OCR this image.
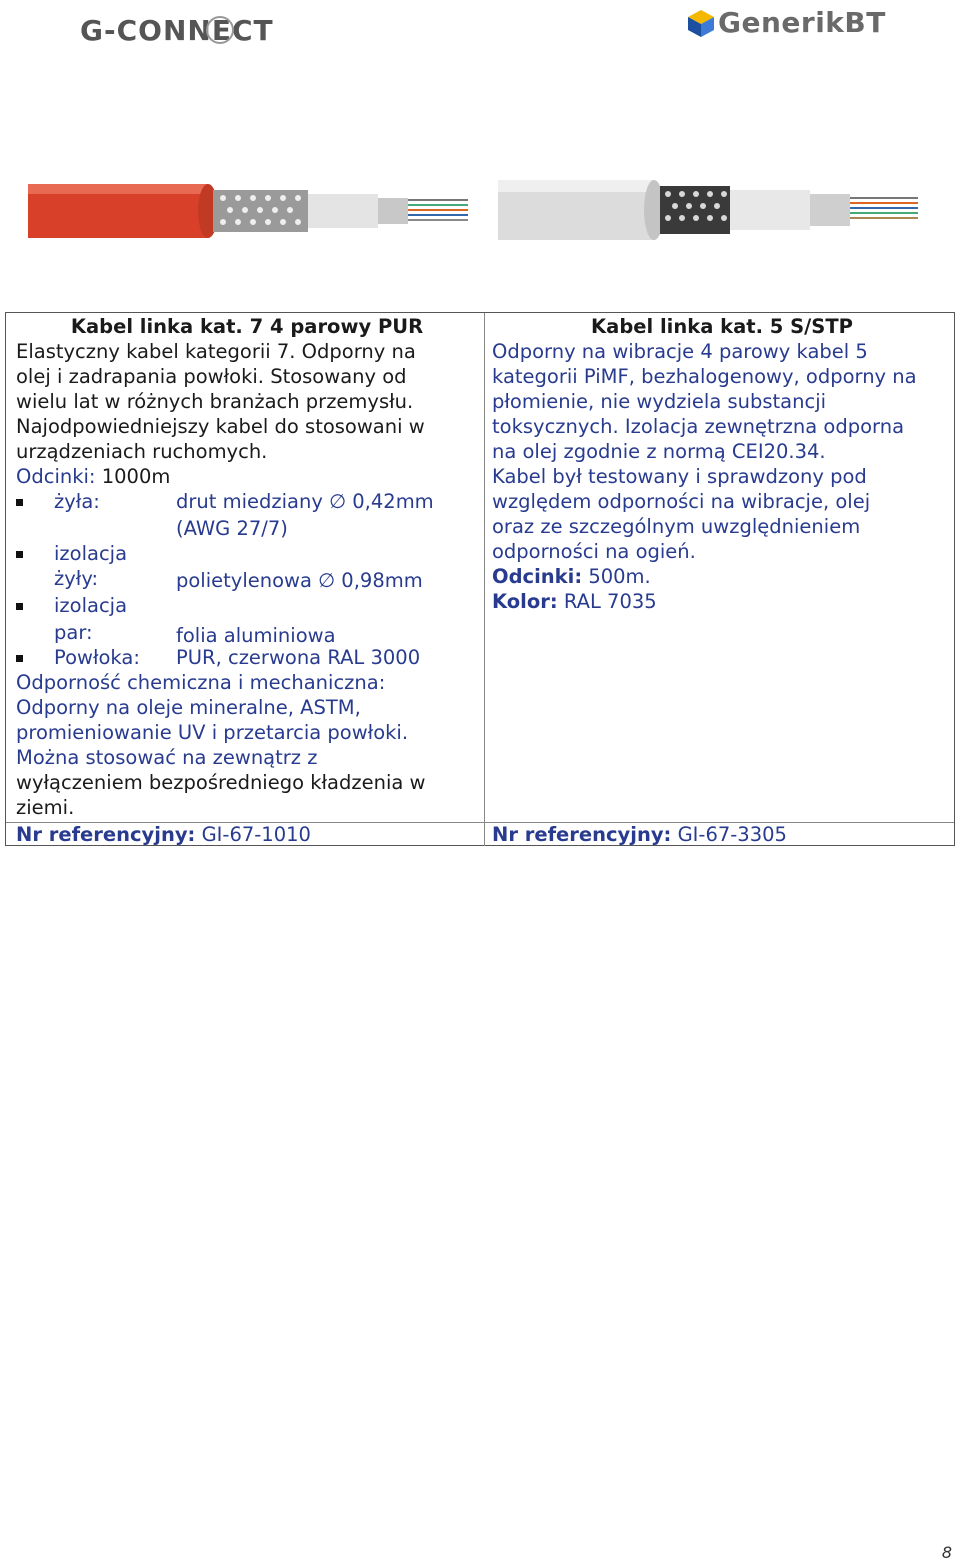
G-CONNECT	GenerikBT
Kabel linka kat. 7 4 parowy PUR
Elastyczny kabel kategorii 7. Odporny na
olej i zadrapania powłoki. Stosowany od
wielu lat w różnych branżach przemysłu.
Najodpowiedniejszy kabel do stosowani w
urządzeniach ruchomych.
Odcinki: 1000m
żyła:	drut miedziany ∅ 0,42mm
(AWG 27/7)
izolacja
żyły:	polietylenowa ∅ 0,98mm
izolacja
par:	folia aluminiowa
Powłoka: PUR, czerwona RAL 3000
Odporność chemiczna i mechaniczna:
Odporny na oleje mineralne, ASTM,
promieniowanie UV i przetarcia powłoki.
Można stosować na zewnątrz z
wyłączeniem bezpośredniego kładzenia w
ziemi.
Kabel linka kat. 5 S/STP
Odporny na wibracje 4 parowy kabel 5
kategorii PiMF, bezhalogenowy, odporny na
płomienie, nie wydziela substancji
toksycznych. Izolacja zewnętrzna odporna
na olej zgodnie z normą CEI20.34.
Kabel był testowany i sprawdzony pod
względem odporności na wibracje, olej
oraz ze szczególnym uwzględnieniem
odporności na ogień.
Odcinki: 500m.
Kolor: RAL 7035
Nr referencyjny: GI-67-1010	Nr referencyjny: GI-67-3305
8
